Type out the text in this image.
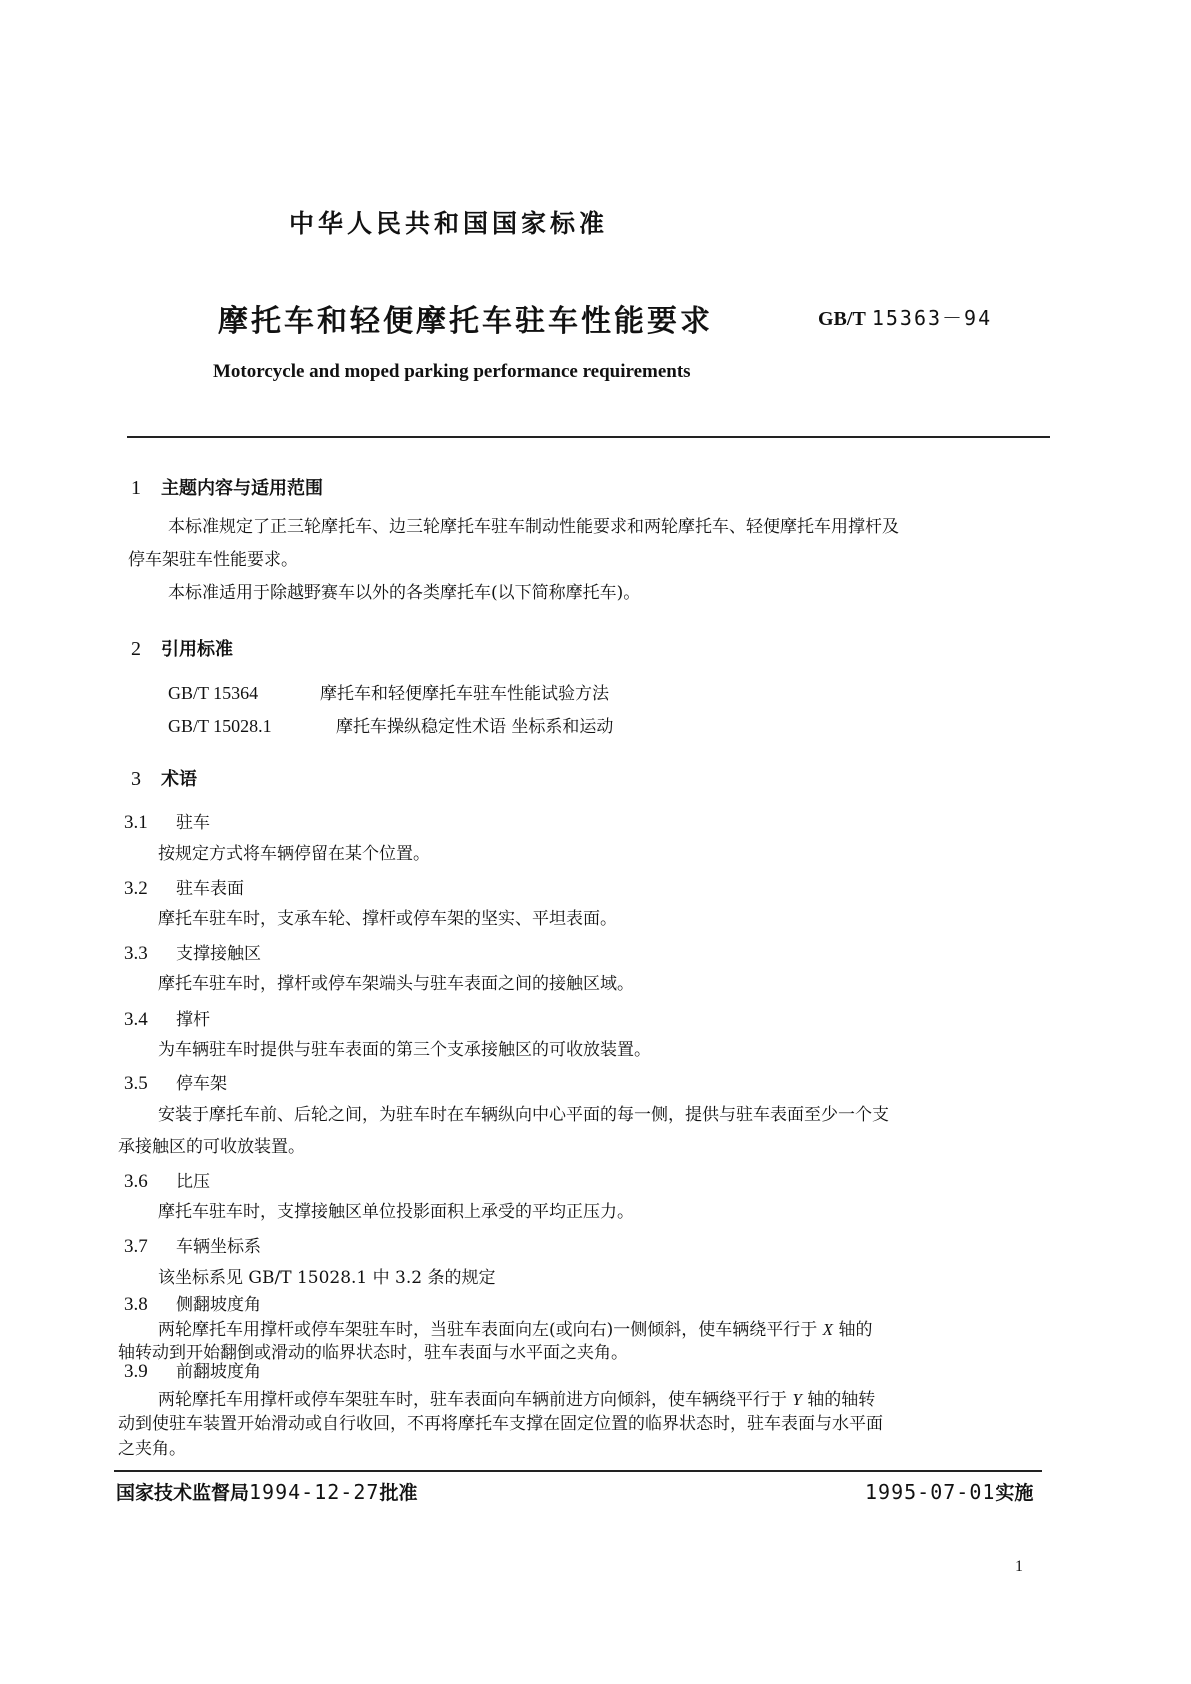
中华人民共和国国家标准
摩托车和轻便摩托车驻车性能要求	GB/T 15363－94
Motorcycle and moped parking performance requirements
1 主题内容与适用范围
本标准规定了正三轮摩托车、边三轮摩托车驻车制动性能要求和两轮摩托车、轻便摩托车用撑杆及
停车架驻车性能要求。
本标准适用于除越野赛车以外的各类摩托车(以下简称摩托车)。
2 引用标准
GB/T 15364	摩托车和轻便摩托车驻车性能试验方法
GB/T 15028.1	摩托车操纵稳定性术语 坐标系和运动
3 术语
3.1 驻车
按规定方式将车辆停留在某个位置。
3.2 驻车表面
摩托车驻车时，支承车轮、撑杆或停车架的坚实、平坦表面。
3.3 支撑接触区
摩托车驻车时，撑杆或停车架端头与驻车表面之间的接触区域。
3.4 撑杆
为车辆驻车时提供与驻车表面的第三个支承接触区的可收放装置。
3.5 停车架
安装于摩托车前、后轮之间，为驻车时在车辆纵向中心平面的每一侧，提供与驻车表面至少一个支
承接触区的可收放装置。
3.6 比压
摩托车驻车时，支撑接触区单位投影面积上承受的平均正压力。
3.7 车辆坐标系
该坐标系见 GB/T 15028.1 中 3.2 条的规定
3.8 侧翻坡度角
两轮摩托车用撑杆或停车架驻车时，当驻车表面向左(或向右)一侧倾斜，使车辆绕平行于 X 轴的
轴转动到开始翻倒或滑动的临界状态时，驻车表面与水平面之夹角。
3.9 前翻坡度角
两轮摩托车用撑杆或停车架驻车时，驻车表面向车辆前进方向倾斜，使车辆绕平行于 Y 轴的轴转
国家技术监督局1994-12-27批准	1995-07-01实施
1
动到使驻车装置开始滑动或自行收回，不再将摩托车支撑在固定位置的临界状态时，驻车表面与水平面
之夹角。
